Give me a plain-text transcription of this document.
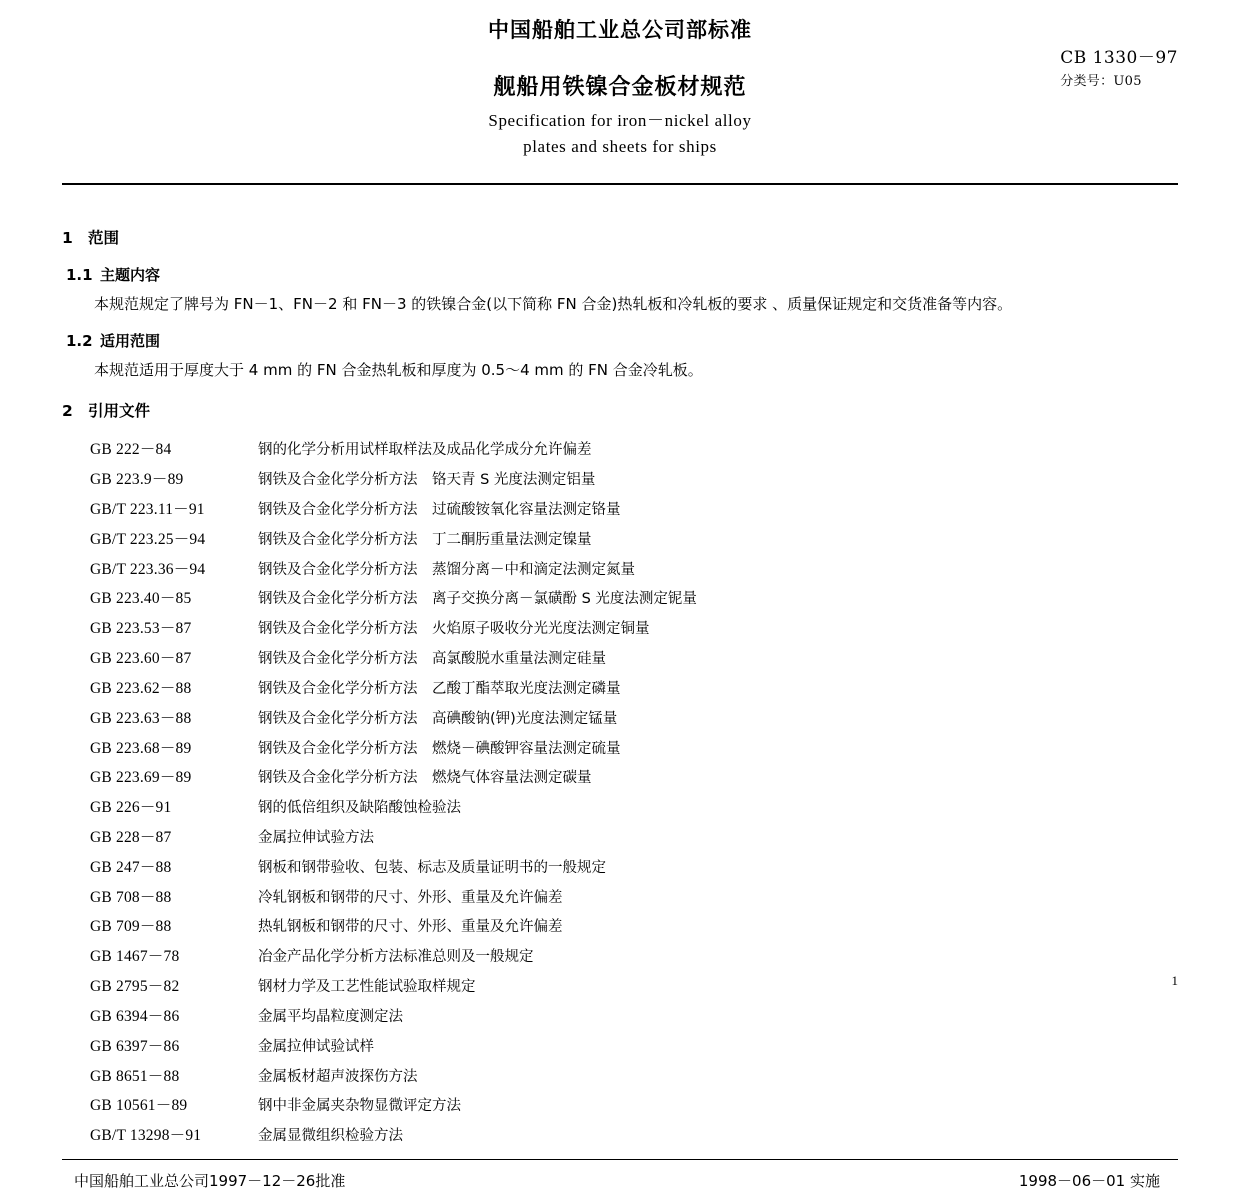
中国船舶工业总公司部标准
CB 1330－97
分类号：U05
舰船用铁镍合金板材规范
Specification for iron－nickel alloy
plates and sheets for ships
1 范围
1.1 主题内容
本规范规定了牌号为 FN－1、FN－2 和 FN－3 的铁镍合金(以下简称 FN 合金)热轧板和冷轧板的要求 、质量保证规定和交货准备等内容。
1.2 适用范围
本规范适用于厚度大于 4 mm 的 FN 合金热轧板和厚度为 0.5～4 mm 的 FN 合金冷轧板。
2 引用文件
GB 222－84	钢的化学分析用试样取样法及成品化学成分允许偏差
GB 223.9－89	钢铁及合金化学分析方法　铬天青 S 光度法测定铝量
GB/T 223.11－91	钢铁及合金化学分析方法　过硫酸铵氧化容量法测定铬量
GB/T 223.25－94	钢铁及合金化学分析方法　丁二酮肟重量法测定镍量
GB/T 223.36－94	钢铁及合金化学分析方法　蒸馏分离－中和滴定法测定氮量
GB 223.40－85	钢铁及合金化学分析方法　离子交换分离－氯磺酚 S 光度法测定铌量
GB 223.53－87	钢铁及合金化学分析方法　火焰原子吸收分光光度法测定铜量
GB 223.60－87	钢铁及合金化学分析方法　高氯酸脱水重量法测定硅量
GB 223.62－88	钢铁及合金化学分析方法　乙酸丁酯萃取光度法测定磷量
GB 223.63－88	钢铁及合金化学分析方法　高碘酸钠(钾)光度法测定锰量
GB 223.68－89	钢铁及合金化学分析方法　燃烧－碘酸钾容量法测定硫量
GB 223.69－89	钢铁及合金化学分析方法　燃烧气体容量法测定碳量
GB 226－91	钢的低倍组织及缺陷酸蚀检验法
GB 228－87	金属拉伸试验方法
GB 247－88	钢板和钢带验收、包装、标志及质量证明书的一般规定
GB 708－88	冷轧钢板和钢带的尺寸、外形、重量及允许偏差
GB 709－88	热轧钢板和钢带的尺寸、外形、重量及允许偏差
GB 1467－78	冶金产品化学分析方法标准总则及一般规定
GB 2795－82	钢材力学及工艺性能试验取样规定
GB 6394－86	金属平均晶粒度测定法
GB 6397－86	金属拉伸试验试样
GB 8651－88	金属板材超声波探伤方法
GB 10561－89	钢中非金属夹杂物显微评定方法
GB/T 13298－91	金属显微组织检验方法
中国船舶工业总公司1997－12－26批准	1998－06－01 实施
1
